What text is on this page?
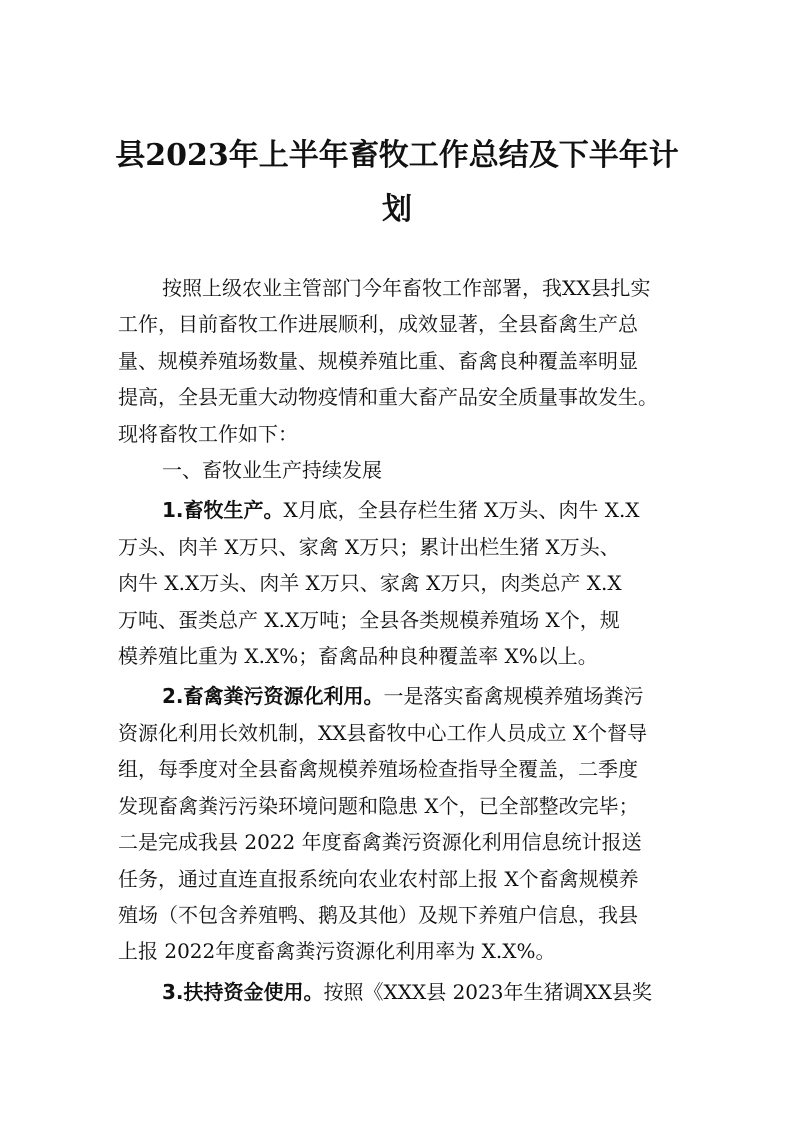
县2023年上半年畜牧工作总结及下半年计
划
按照上级农业主管部门今年畜牧工作部署，我XX县扎实
工作，目前畜牧工作进展顺利，成效显著，全县畜禽生产总
量、规模养殖场数量、规模养殖比重、畜禽良种覆盖率明显
提高，全县无重大动物疫情和重大畜产品安全质量事故发生。
现将畜牧工作如下：
一、畜牧业生产持续发展
1.畜牧生产。X月底，全县存栏生猪 X万头、肉牛 X.X
万头、肉羊 X万只、家禽 X万只；累计出栏生猪 X万头、
肉牛 X.X万头、肉羊 X万只、家禽 X万只，肉类总产 X.X
万吨、蛋类总产 X.X万吨；全县各类规模养殖场 X个，规
模养殖比重为 X.X%；畜禽品种良种覆盖率 X%以上。
2.畜禽粪污资源化利用。一是落实畜禽规模养殖场粪污
资源化利用长效机制，XX县畜牧中心工作人员成立 X个督导
组，每季度对全县畜禽规模养殖场检查指导全覆盖，二季度
发现畜禽粪污污染环境问题和隐患 X个，已全部整改完毕；
二是完成我县 2022 年度畜禽粪污资源化利用信息统计报送
任务，通过直连直报系统向农业农村部上报 X个畜禽规模养
殖场（不包含养殖鸭、鹅及其他）及规下养殖户信息，我县
上报 2022年度畜禽粪污资源化利用率为 X.X%。
3.扶持资金使用。按照《XXX县 2023年生猪调XX县奖
